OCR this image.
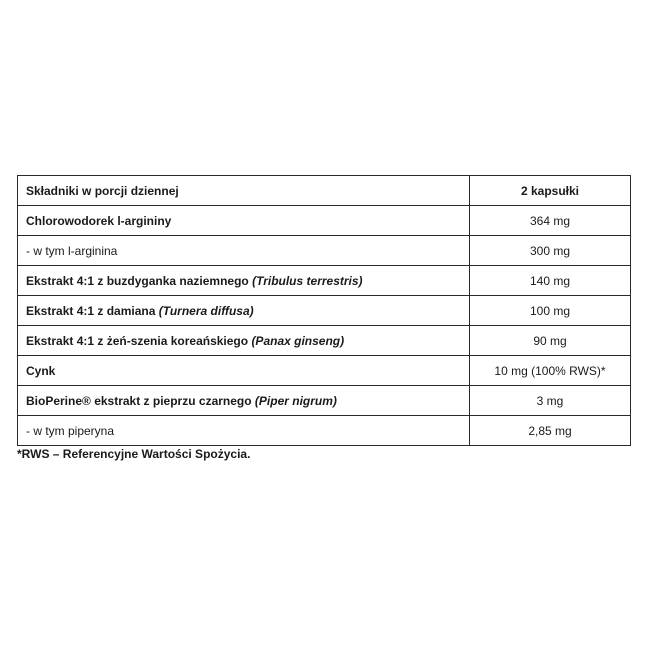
Składniki w porcji dziennej	2 kapsułki
Chlorowodorek l-argininy	364 mg
- w tym l-arginina	300 mg
Ekstrakt 4:1 z buzdyganka naziemnego (Tribulus terrestris)	140 mg
Ekstrakt 4:1 z damiana (Turnera diffusa)	100 mg
Ekstrakt 4:1 z żeń-szenia koreańskiego (Panax ginseng)	90 mg
Cynk	10 mg (100% RWS)*
BioPerine® ekstrakt z pieprzu czarnego (Piper nigrum)	3 mg
- w tym piperyna	2,85 mg
*RWS – Referencyjne Wartości Spożycia.
